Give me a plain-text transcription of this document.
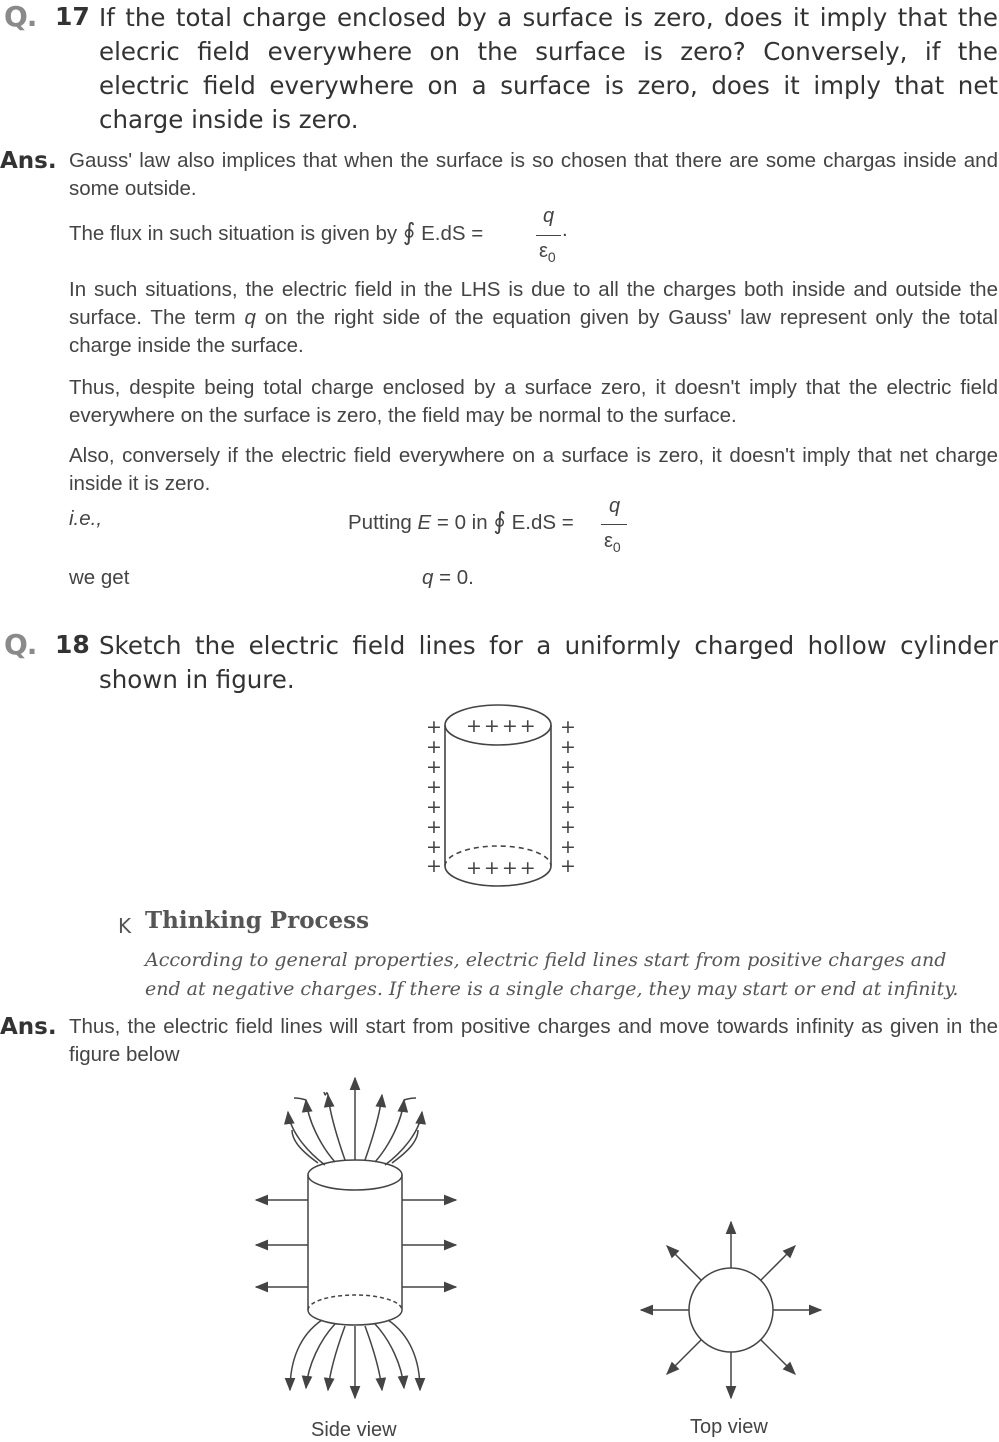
Q. 17 If the total charge enclosed by a surface is zero, does it imply that the elecric field everywhere on the surface is zero? Conversely, if the electric field everywhere on a surface is zero, does it imply that net charge inside is zero.
Ans. Gauss' law also implices that when the surface is so chosen that there are some chargas inside and some outside.
The flux in such situation is given by ∮ E.dS =
q
$\varepsilon_0$
.
In such situations, the electric field in the LHS is due to all the charges both inside and outside the surface. The term q on the right side of the equation given by Gauss' law represent only the total charge inside the surface.
Thus, despite being total charge enclosed by a surface zero, it doesn't imply that the electric field everywhere on the surface is zero, the field may be normal to the surface.
Also, conversely if the electric field everywhere on a surface is zero, it doesn't imply that net charge inside it is zero.
i.e.,	Putting E = 0 in ∮ E.dS =
q
$\varepsilon_0$
we get	q = 0.
Q. 18 Sketch the electric field lines for a uniformly charged hollow cylinder shown in figure.
++++
++++
+
+
+
+
+
+
+
+
+
+
+
+
+
+
+
+
K Thinking Process
According to general properties, electric field lines start from positive charges and end at negative charges. If there is a single charge, they may start or end at infinity.
Ans. Thus, the electric field lines will start from positive charges and move towards infinity as given in the figure below
Side view	Top view
